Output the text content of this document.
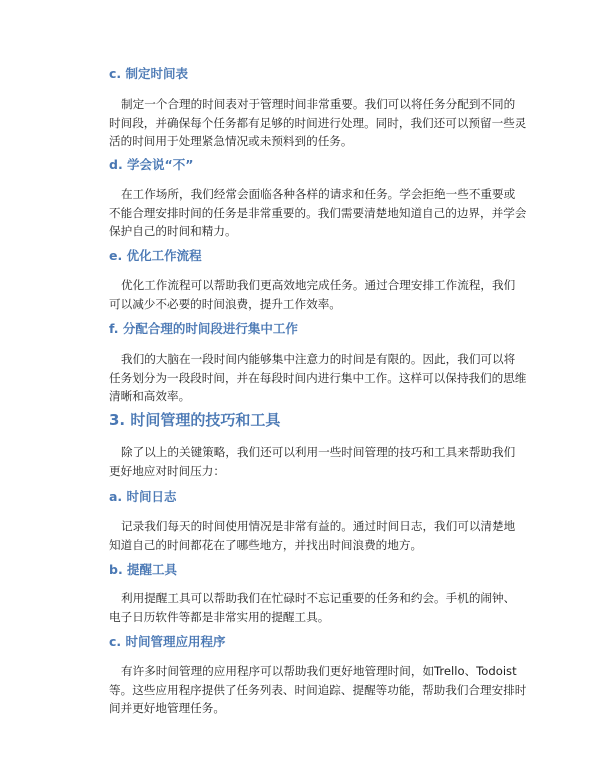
c. 制定时间表
制定一个合理的时间表对于管理时间非常重要。我们可以将任务分配到不同的
时间段，并确保每个任务都有足够的时间进行处理。同时，我们还可以预留一些灵
活的时间用于处理紧急情况或未预料到的任务。
d. 学会说“不”
在工作场所，我们经常会面临各种各样的请求和任务。学会拒绝一些不重要或
不能合理安排时间的任务是非常重要的。我们需要清楚地知道自己的边界，并学会
保护自己的时间和精力。
e. 优化工作流程
优化工作流程可以帮助我们更高效地完成任务。通过合理安排工作流程，我们
可以减少不必要的时间浪费，提升工作效率。
f. 分配合理的时间段进行集中工作
我们的大脑在一段时间内能够集中注意力的时间是有限的。因此，我们可以将
任务划分为一段段时间，并在每段时间内进行集中工作。这样可以保持我们的思维
清晰和高效率。
3. 时间管理的技巧和工具
除了以上的关键策略，我们还可以利用一些时间管理的技巧和工具来帮助我们
更好地应对时间压力：
a. 时间日志
记录我们每天的时间使用情况是非常有益的。通过时间日志，我们可以清楚地
知道自己的时间都花在了哪些地方，并找出时间浪费的地方。
b. 提醒工具
利用提醒工具可以帮助我们在忙碌时不忘记重要的任务和约会。手机的闹钟、
电子日历软件等都是非常实用的提醒工具。
c. 时间管理应用程序
有许多时间管理的应用程序可以帮助我们更好地管理时间，如Trello、Todoist
等。这些应用程序提供了任务列表、时间追踪、提醒等功能，帮助我们合理安排时
间并更好地管理任务。
